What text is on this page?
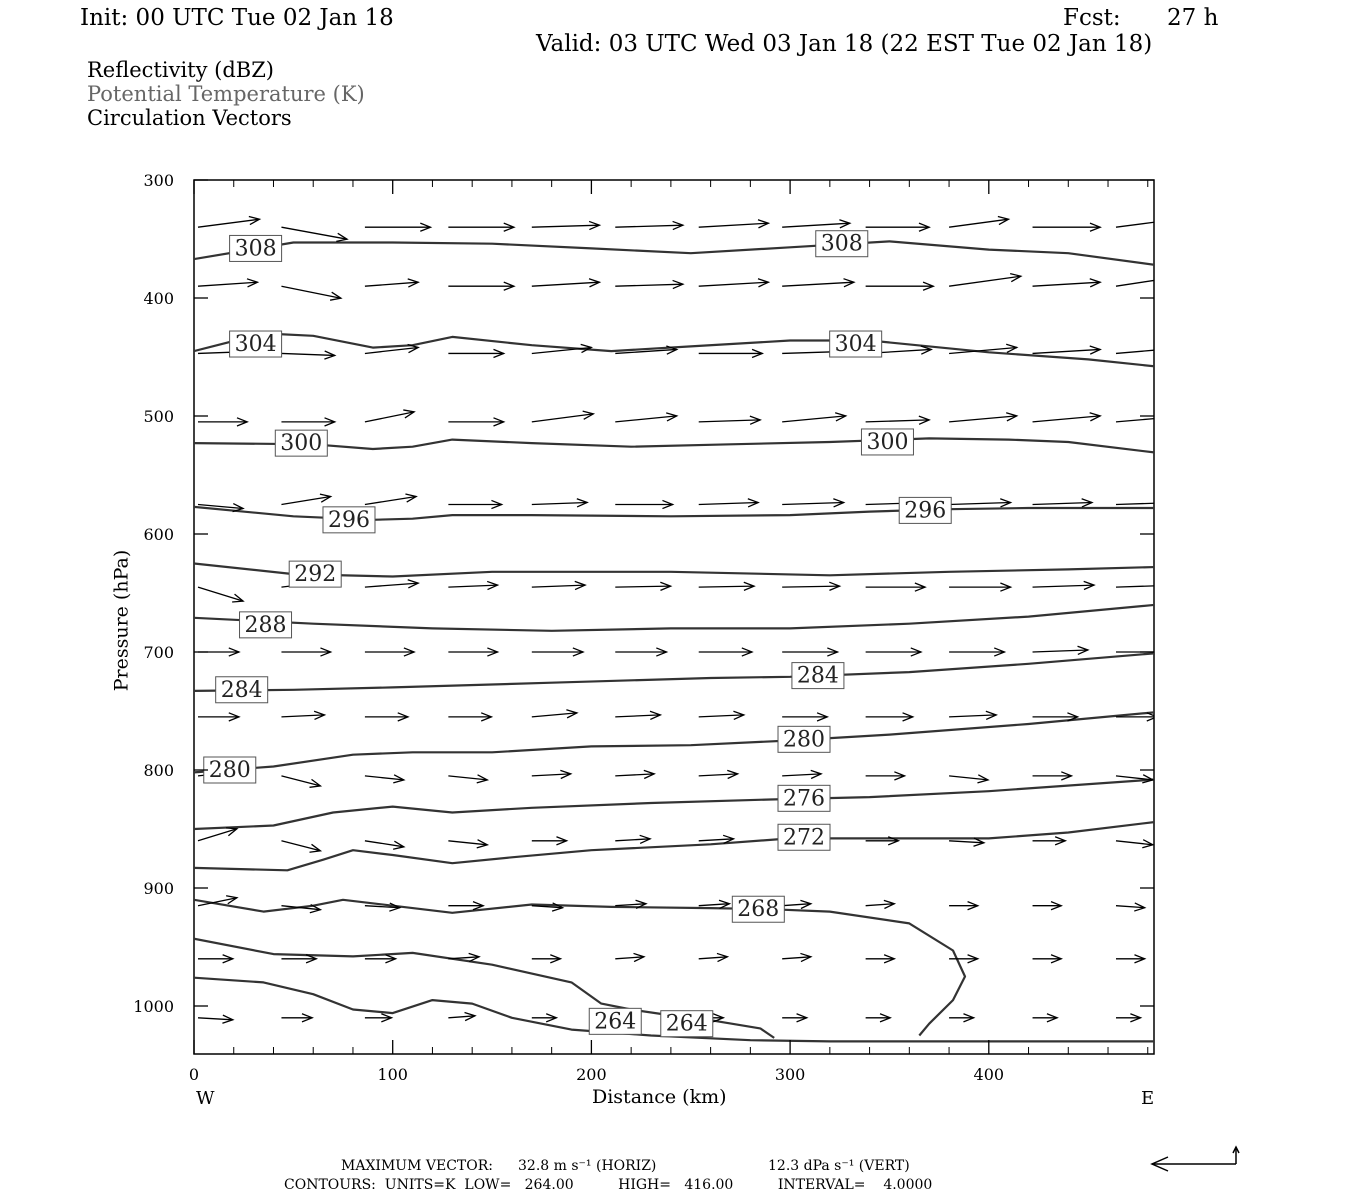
Init: 00 UTC Tue 02 Jan 18	Fcst: 27 h
Valid: 03 UTC Wed 03 Jan 18 (22 EST Tue 02 Jan 18)
Reflectivity (dBZ)
Potential Temperature (K)
Circulation Vectors
308	308
304	304
300	300
296	296
292
288
284
284
280
280
276
272
268
264 264
300
400
500
600
700
800
900
1000
0	100	200	300	400
Distance (km)
Pressure (hPa)
W	E
MAXIMUM VECTOR: 32.8 m s⁻¹ (HORIZ)	12.3 dPa s⁻¹ (VERT)
CONTOURS:  UNITS=K  LOW=   264.00          HIGH=   416.00          INTERVAL=    4.0000
